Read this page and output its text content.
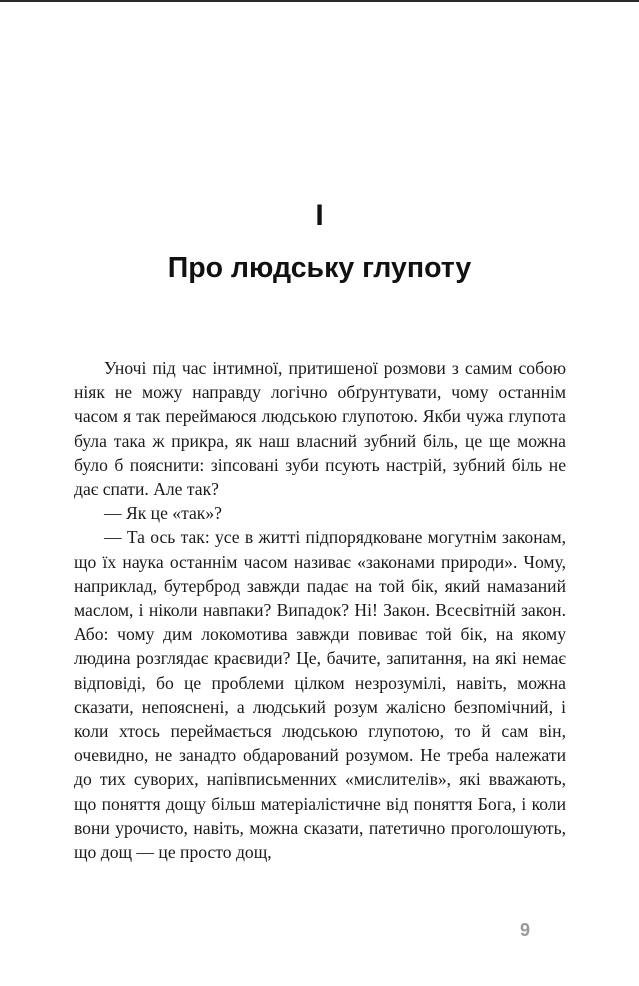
I
Про людську глупоту

Уночі під час інтимної, притишеної розмови з самим собою ніяк не можу направду логічно обґрунтувати, чому останнім часом я так переймаюся людською глупотою. Якби чужа глупота була така ж прикра, як наш власний зубний біль, це ще можна було б пояснити: зіпсовані зуби псують настрій, зубний біль не дає спати. Але так?

— Як це «так»?

— Та ось так: усе в житті підпорядковане могутнім законам, що їх наука останнім часом називає «законами природи». Чому, наприклад, бутерброд завжди падає на той бік, який намазаний маслом, і ніколи навпаки? Випадок? Ні! Закон. Всесвітній закон. Або: чому дим локомотива завжди повиває той бік, на якому людина розглядає краєвиди? Це, бачите, запитання, на які немає відповіді, бо це проблеми цілком незрозумілі, навіть, можна сказати, непояснені, а людський розум жалісно безпомічний, і коли хтось переймається людською глупотою, то й сам він, очевидно, не занадто обдарований розумом. Не треба належати до тих суворих, напівписьменних «мислителів», які вважають, що поняття дощу більш матеріалістичне від поняття Бога, і коли вони урочисто, навіть, можна сказати, патетично проголошують, що дощ — це просто дощ,

9
